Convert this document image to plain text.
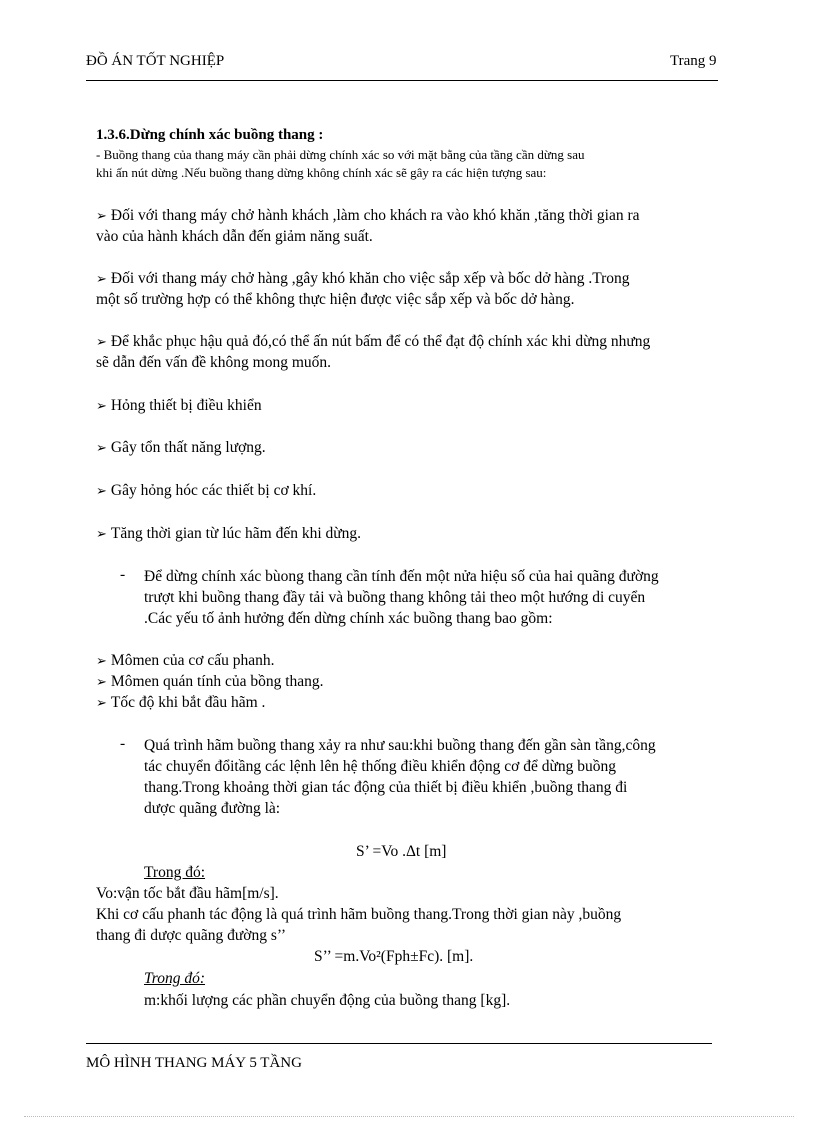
ĐỒ ÁN TỐT NGHIỆP	Trang 9
1.3.6.Dừng chính xác buồng thang :
- Buồng thang của thang máy cần phải dừng chính xác so với mặt bằng của tầng cần dừng sau
khi ấn nút dừng .Nếu buồng thang dừng không chính xác sẽ gây ra các hiện tượng sau:
➢ Đối với thang máy chở hành khách ,làm cho khách ra vào khó khăn ,tăng thời gian ra
vào của hành khách dẫn đến giảm năng suất.
➢ Đối với thang máy chở hàng ,gây khó khăn cho việc sắp xếp và bốc dở hàng .Trong
một số trường hợp có thể không thực hiện được việc sắp xếp và bốc dở hàng.
➢ Để khắc phục hậu quả đó,có thể ấn nút bấm để có thể đạt độ chính xác khi dừng nhưng
sẽ dẫn đến vấn đề không mong muốn.
➢ Hỏng thiết bị điều khiển
➢ Gây tổn thất năng lượng.
➢ Gây hỏng hóc các thiết bị cơ khí.
➢ Tăng thời gian từ lúc hãm đến khi dừng.
- Để dừng chính xác bùong thang cần tính đến một nửa hiệu số của hai quãng đường
trượt khi buồng thang đầy tải và buồng thang không tải theo một hướng di cuyển
.Các yếu tố ảnh hưởng đến dừng chính xác buồng thang bao gồm:
➢ Mômen của cơ cấu phanh.
➢ Mômen quán tính của bồng thang.
➢ Tốc độ khi bắt đầu hãm .
- Quá trình hãm buồng thang xảy ra như sau:khi buồng thang đến gần sàn tầng,công
tác chuyển đổitầng các lệnh lên hệ thống điều khiển động cơ để dừng buồng
thang.Trong khoảng thời gian tác động của thiết bị điều khiển ,buồng thang đi
dược quãng đường là:
S’ =Vo .Δt [m]
Trong đó:
Vo:vận tốc bắt đầu hãm[m/s].
Khi cơ cấu phanh tác động là quá trình hãm buồng thang.Trong thời gian này ,buồng
thang đi dược quãng đường s’’
S’’ =m.Vo²(Fph±Fc). [m].
Trong đó:
m:khối lượng các phần chuyển động của buồng thang [kg].
MÔ HÌNH THANG MÁY 5 TẦNG
